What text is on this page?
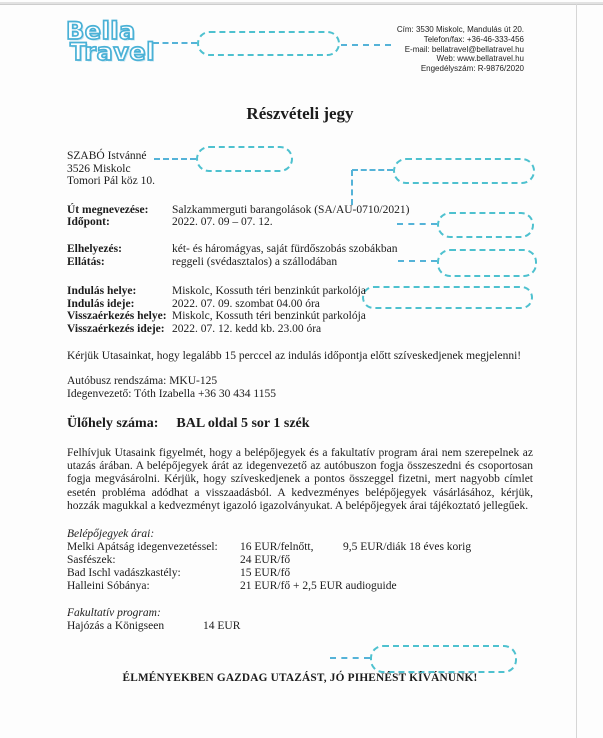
Bella
Travel
Cím: 3530 Miskolc, Mandulás út 20.
Telefon/fax: +36-46-333-456
E-mail: bellatravel@bellatravel.hu
Web: www.bellatravel.hu
Engedélyszám: R-9876/2020
Részvételi jegy
SZABÓ Istvánné
3526 Miskolc
Tomori Pál köz 10.
Út megnevezése:	Salzkammerguti barangolások (SA/AU-0710/2021)
Időpont:	2022. 07. 09 – 07. 12.
Elhelyezés:	két- és háromágyas, saját fürdőszobás szobákban
Ellátás:	reggeli (svédasztalos) a szállodában
Indulás helye:	Miskolc, Kossuth téri benzinkút parkolója
Indulás ideje:	2022. 07. 09. szombat 04.00 óra
Visszaérkezés helye: Miskolc, Kossuth téri benzinkút parkolója
Visszaérkezés ideje: 2022. 07. 12. kedd kb. 23.00 óra
Kérjük Utasainkat, hogy legalább 15 perccel az indulás időpontja előtt szíveskedjenek megjelenni!
Autóbusz rendszáma: MKU-125
Idegenvezető: Tóth Izabella +36 30 434 1155
Ülőhely száma: BAL oldal 5 sor 1 szék
Felhívjuk Utasaink figyelmét, hogy a belépőjegyek és a fakultatív program árai nem szerepelnek az utazás árában. A belépőjegyek árát az idegenvezető az autóbuszon fogja összeszedni és csoportosan fogja megvásárolni. Kérjük, hogy szíveskedjenek a pontos összeggel fizetni, mert nagyobb címlet esetén probléma adódhat a visszaadásból. A kedvezményes belépőjegyek vásárlásához, kérjük, hozzák magukkal a kedvezményt igazoló igazolványukat. A belépőjegyek árai tájékoztató jellegűek.
Belépőjegyek árai:
Melki Apátság idegenvezetéssel:	16 EUR/felnőtt,	9,5 EUR/diák 18 éves korig
Sasfészek:	24 EUR/fő
Bad Ischl vadászkastély:	15 EUR/fő
Halleini Sóbánya:	21 EUR/fő + 2,5 EUR audioguide
Fakultatív program:
Hajózás a Königseen	14 EUR
ÉLMÉNYEKBEN GAZDAG UTAZÁST, JÓ PIHENÉST KÍVÁNUNK!
